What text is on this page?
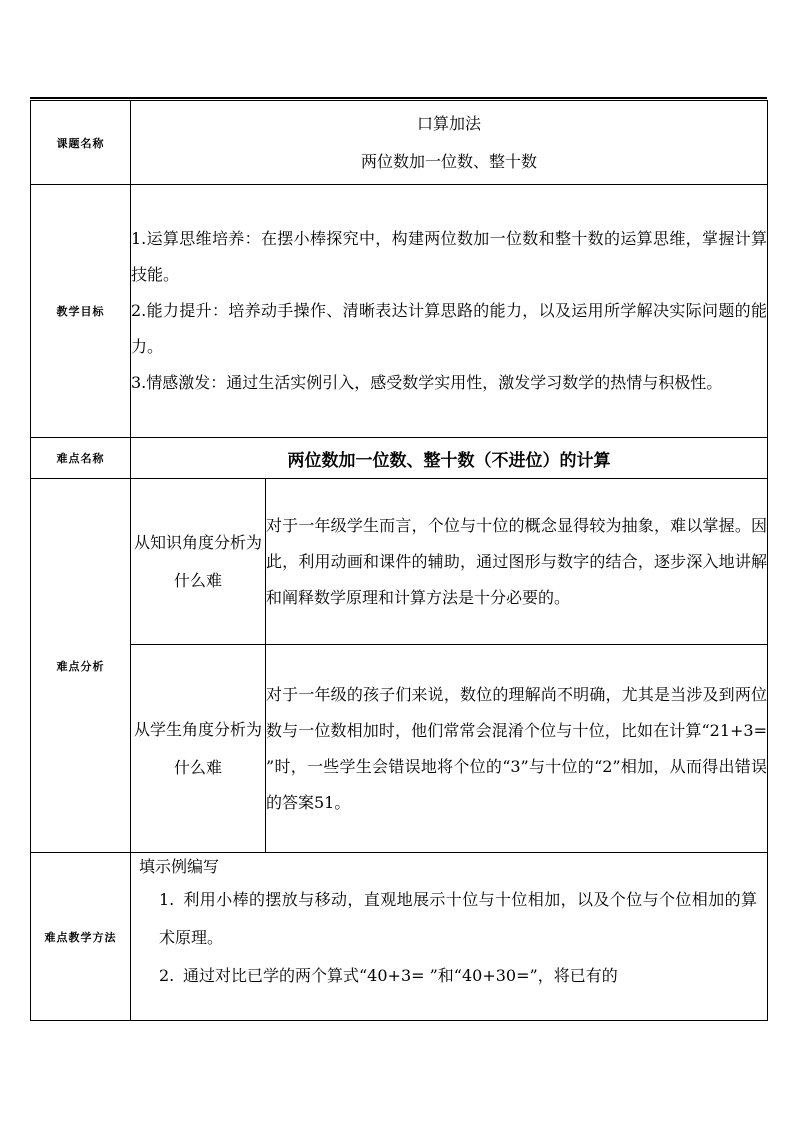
课题名称	口算加法
两位数加一位数、整十数	

教学目标	1.运算思维培养：在摆小棒探究中，构建两位数加一位数和整十数的运算思维，掌握计算技能。

2.能力提升：培养动手操作、清晰表达计算思路的能力，以及运用所学解决实际问题的能力。

3.情感激发：通过生活实例引入，感受数学实用性，激发学习数学的热情与积极性。	

难点名称	两位数加一位数、整十数（不进位）的计算	
难点分析	从知识角度分析为什么难	对于一年级学生而言，个位与十位的概念显得较为抽象，难以掌握。因此，利用动画和课件的辅助，通过图形与数字的结合，逐步深入地讲解和阐释数学原理和计算方法是十分必要的。
	从学生角度分析为什么难	对于一年级的孩子们来说，数位的理解尚不明确，尤其是当涉及到两位数与一位数相加时，他们常常会混淆个位与十位，比如在计算“21+3= ”时，一些学生会错误地将个位的“3”与十位的“2”相加，从而得出错误的答案51。
难点教学方法	填示例编写
1. 利用小棒的摆放与移动，直观地展示十位与十位相加，以及个位与个位相加的算术原理。
2. 通过对比已学的两个算式“40+3= ”和“40+30=”，将已有的	
